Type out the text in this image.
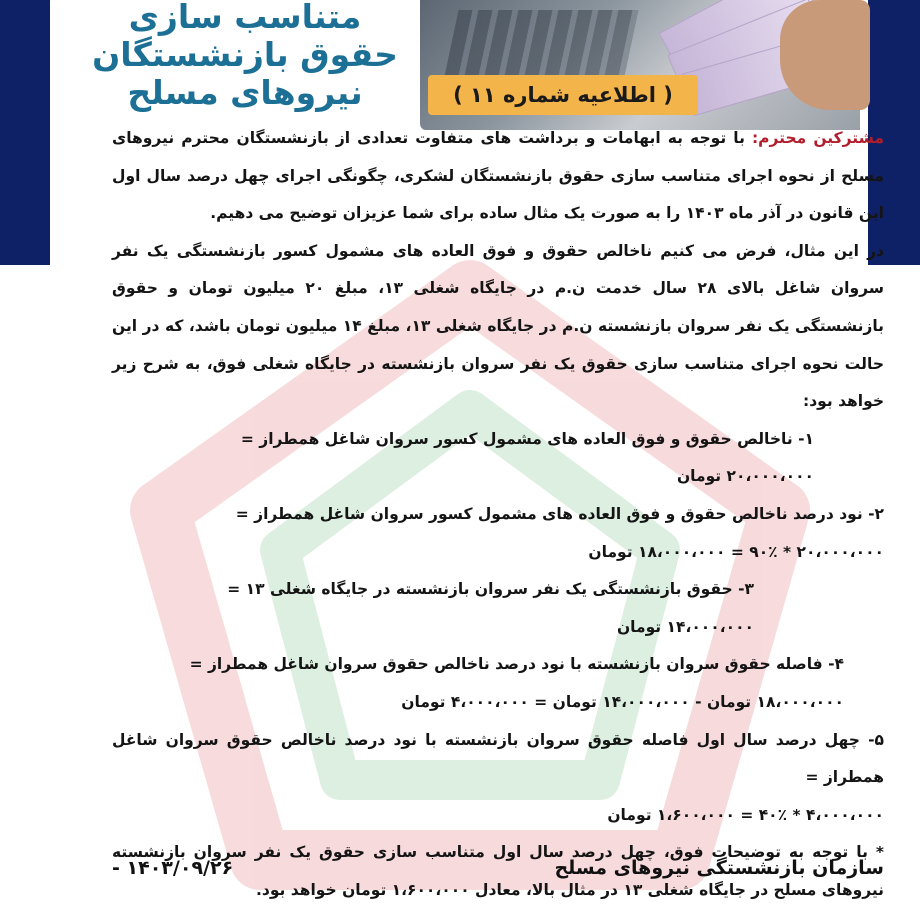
( اطلاعیه شماره ۱۱ )
متناسب سازی
حقوق بازنشستگان
نیروهای مسلح

مشترکین محترم: با توجه به ابهامات و برداشت های متفاوت تعدادی از بازنشستگان محترم نیروهای مسلح از نحوه اجرای متناسب سازی حقوق بازنشستگان لشکری، چگونگی اجرای چهل درصد سال اول این قانون در آذر ماه ۱۴۰۳ را به صورت یک مثال ساده برای شما عزیزان توضیح می دهیم.

در این مثال، فرض می کنیم ناخالص حقوق و فوق العاده های مشمول کسور بازنشستگی یک نفر سروان شاغل بالای ۲۸ سال خدمت ن.م در جایگاه شغلی ۱۳، مبلغ ۲۰ میلیون تومان و حقوق بازنشستگی یک نفر سروان بازنشسته ن.م در جایگاه شغلی ۱۳، مبلغ ۱۴ میلیون تومان باشد، که در این حالت نحوه اجرای متناسب سازی حقوق یک نفر سروان بازنشسته در جایگاه شغلی فوق، به شرح زیر خواهد بود:

۱- ناخالص حقوق و فوق العاده های مشمول کسور سروان شاغل همطراز =

۲۰،۰۰۰،۰۰۰ تومان

۲- نود درصد ناخالص حقوق و فوق العاده های مشمول کسور سروان شاغل همطراز =

۲۰،۰۰۰،۰۰۰ * ۹۰٪ = ۱۸،۰۰۰،۰۰۰ تومان

۳- حقوق بازنشستگی یک نفر سروان بازنشسته در جایگاه شغلی ۱۳ =

۱۴،۰۰۰،۰۰۰ تومان

۴- فاصله حقوق سروان بازنشسته با نود درصد ناخالص حقوق سروان شاغل همطراز =

۱۸،۰۰۰،۰۰۰ تومان - ۱۴،۰۰۰،۰۰۰ تومان = ۴،۰۰۰،۰۰۰ تومان

۵- چهل درصد سال اول فاصله حقوق سروان بازنشسته با نود درصد ناخالص حقوق سروان شاغل همطراز =

۴،۰۰۰،۰۰۰ * ۴۰٪ = ۱،۶۰۰،۰۰۰ تومان

* با توجه به توضیحات فوق، چهل درصد سال اول متناسب سازی حقوق یک نفر سروان بازنشسته نیروهای مسلح در جایگاه شغلی ۱۳ در مثال بالا، معادل ۱،۶۰۰،۰۰۰ تومان خواهد بود.

سازمان بازنشستگی نیروهای مسلح
۱۴۰۳/۰۹/۲۶ -
